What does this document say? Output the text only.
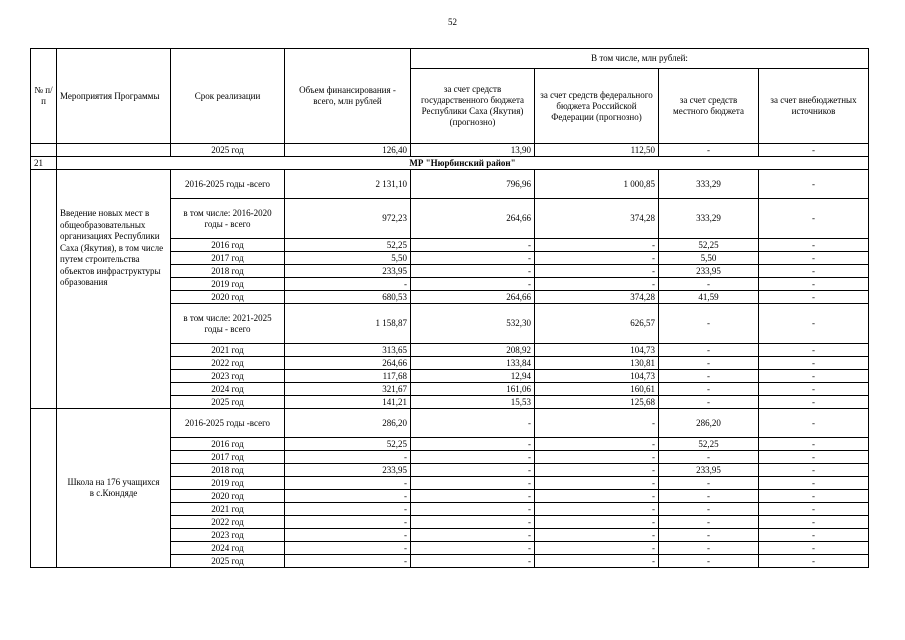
52
№ п/п	Мероприятия Программы	Срок реализации	Объем финансирования - всего, млн рублей	В том числе, млн рублей:			
				за счет средств государственного бюджета Республики Саха (Якутия) (прогнозно)	за счет средств федерального бюджета Российской Федерации (прогнозно)	за счет средств местного бюджета	за счет внебюджетных источников
		2025 год	126,40	13,90	112,50	-	-
21	МР "Нюрбинский район"						
	Введение новых мест в общеобразовательных организациях Республики Саха (Якутия), в том числе путем строительства объектов инфраструктуры образования	2016-2025 годы -всего	2 131,10	796,96	1 000,85	333,29	-
		в том числе: 2016-2020 годы - всего	972,23	264,66	374,28	333,29	-
		2016 год	52,25	-	-	52,25	-
		2017 год	5,50	-	-	5,50	-
		2018 год	233,95	-	-	233,95	-
		2019 год	-	-	-	-	-
		2020 год	680,53	264,66	374,28	41,59	-
		в том числе: 2021-2025 годы - всего	1 158,87	532,30	626,57	-	-
		2021 год	313,65	208,92	104,73	-	-
		2022 год	264,66	133,84	130,81	-	-
		2023 год	117,68	12,94	104,73	-	-
		2024 год	321,67	161,06	160,61	-	-
		2025 год	141,21	15,53	125,68	-	-
	Школа на 176 учащихся в с.Кюндяде	2016-2025 годы -всего	286,20	-	-	286,20	-
		2016 год	52,25	-	-	52,25	-
		2017 год	-	-	-	-	-
		2018 год	233,95	-	-	233,95	-
		2019 год	-	-	-	-	-
		2020 год	-	-	-	-	-
		2021 год	-	-	-	-	-
		2022 год	-	-	-	-	-
		2023 год	-	-	-	-	-
		2024 год	-	-	-	-	-
		2025 год	-	-	-	-	-
